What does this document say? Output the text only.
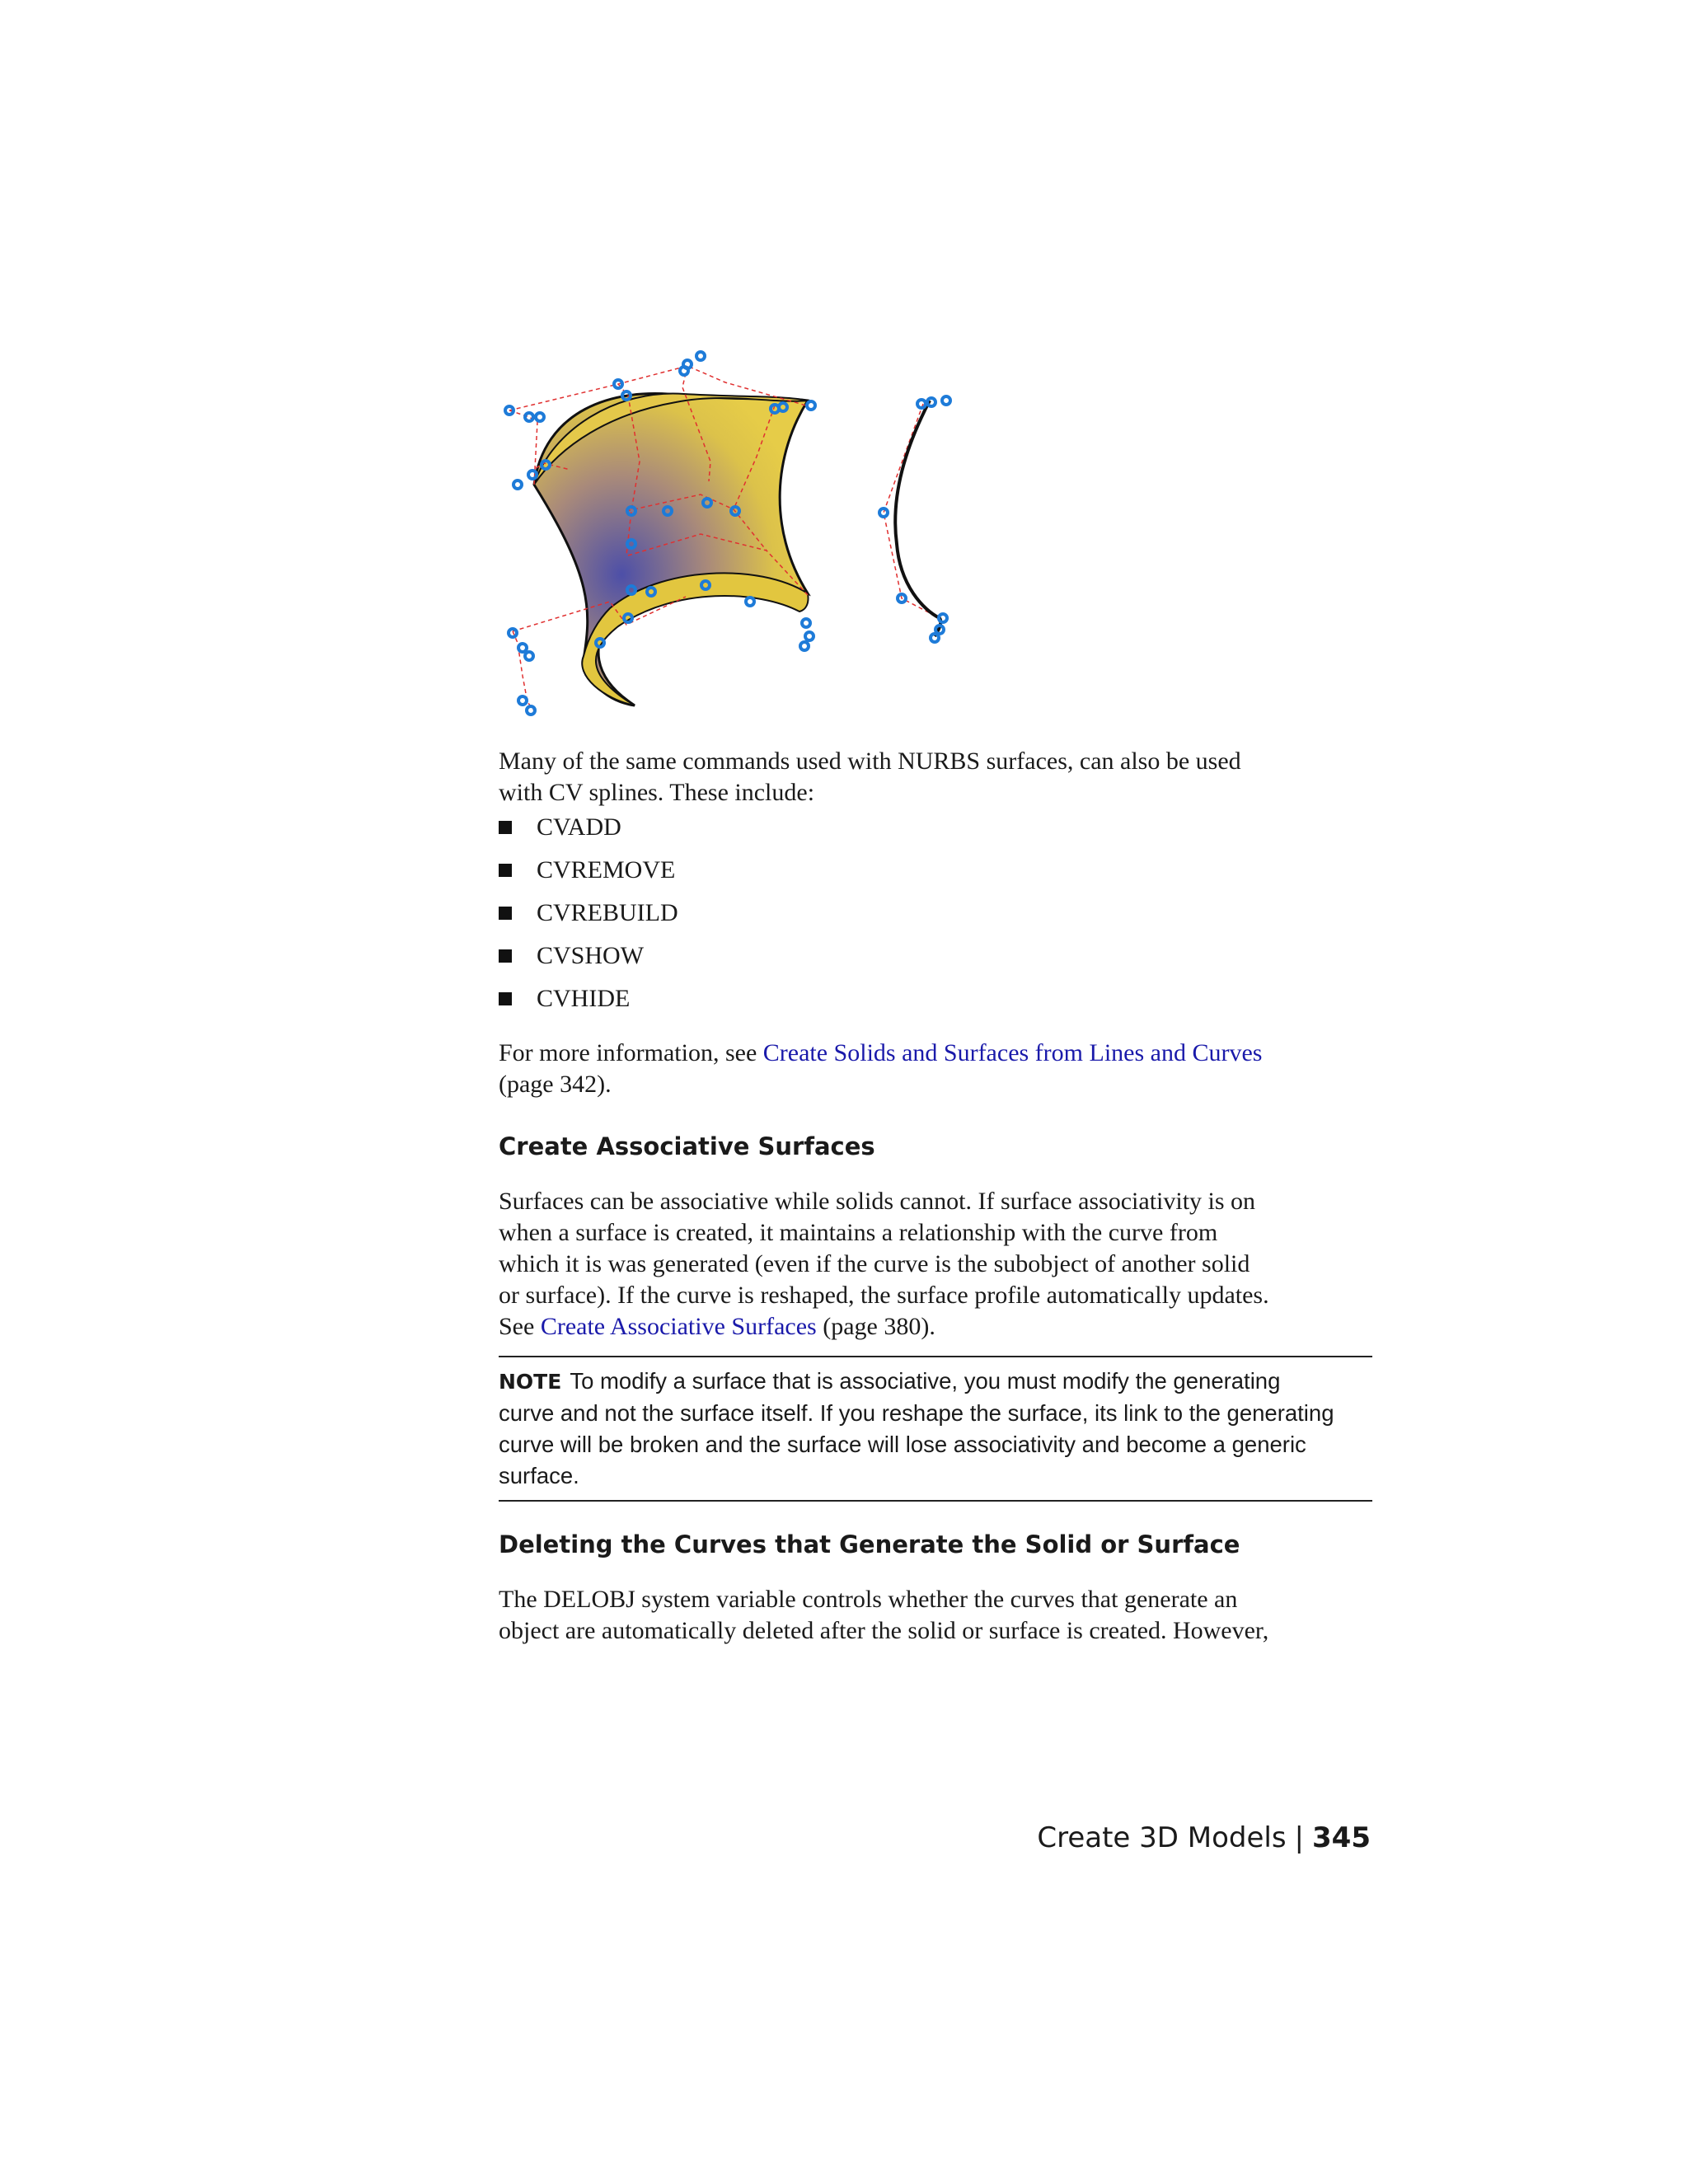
Many of the same commands used with NURBS surfaces, can also be used
with CV splines. These include:

CVADD
CVREMOVE
CVREBUILD
CVSHOW
CVHIDE

For more information, see Create Solids and Surfaces from Lines and Curves
(page 342).

Create Associative Surfaces

Surfaces can be associative while solids cannot. If surface associativity is on
when a surface is created, it maintains a relationship with the curve from
which it is was generated (even if the curve is the subobject of another solid
or surface). If the curve is reshaped, the surface profile automatically updates.
See Create Associative Surfaces (page 380).

NOTE To modify a surface that is associative, you must modify the generating
curve and not the surface itself. If you reshape the surface, its link to the generating
curve will be broken and the surface will lose associativity and become a generic
surface.

Deleting the Curves that Generate the Solid or Surface

The DELOBJ system variable controls whether the curves that generate an
object are automatically deleted after the solid or surface is created. However,

Create 3D Models | 345
